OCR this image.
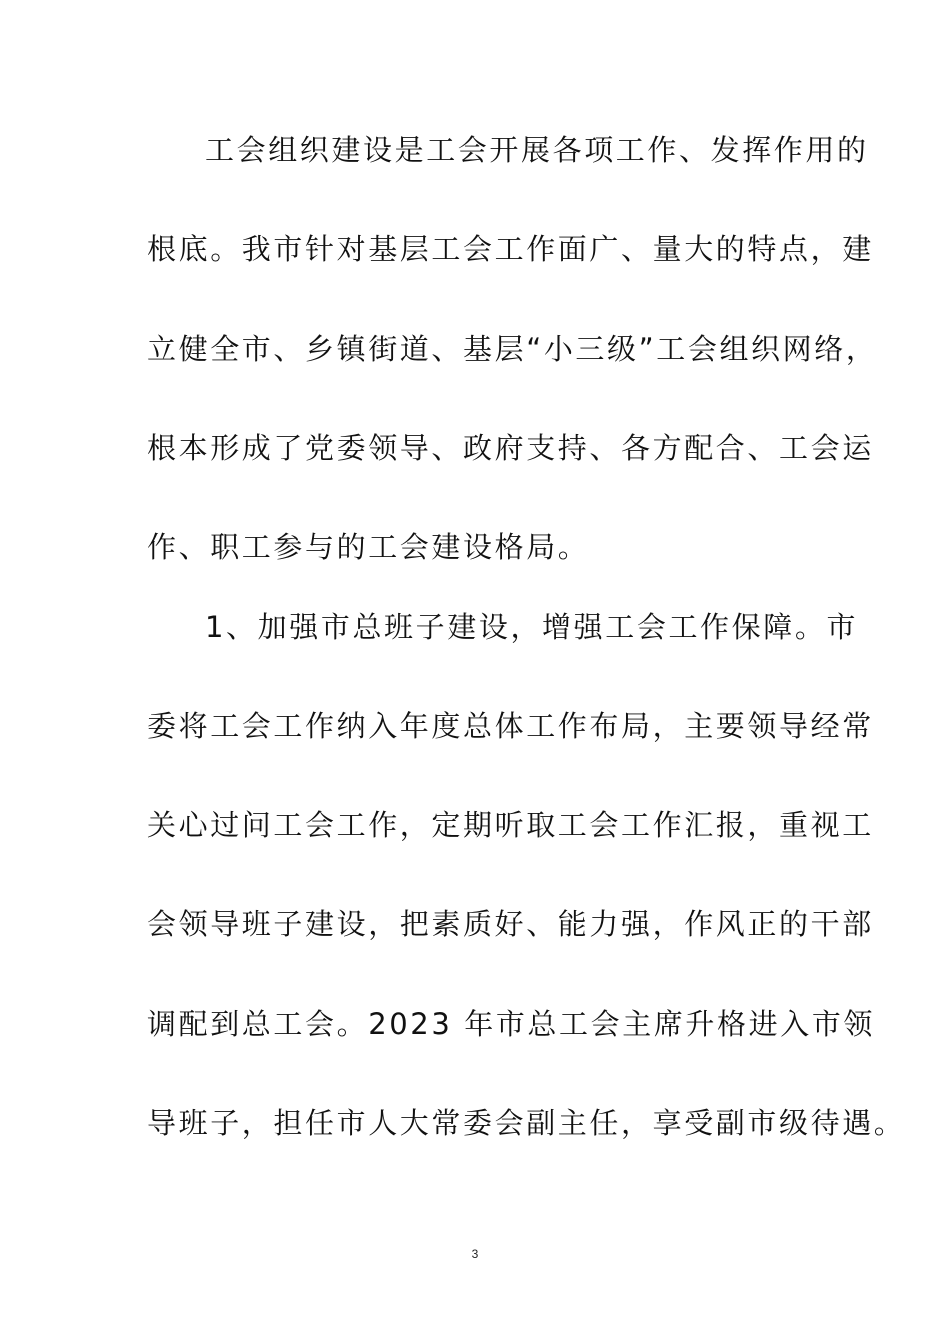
工会组织建设是工会开展各项工作、发挥作用的
根底。我市针对基层工会工作面广、量大的特点，建
立健全市、乡镇街道、基层“小三级”工会组织网络，
根本形成了党委领导、政府支持、各方配合、工会运
作、职工参与的工会建设格局。
1、加强市总班子建设，增强工会工作保障。市
委将工会工作纳入年度总体工作布局，主要领导经常
关心过问工会工作，定期听取工会工作汇报，重视工
会领导班子建设，把素质好、能力强，作风正的干部
调配到总工会。2023 年市总工会主席升格进入市领
导班子，担任市人大常委会副主任，享受副市级待遇。
3
